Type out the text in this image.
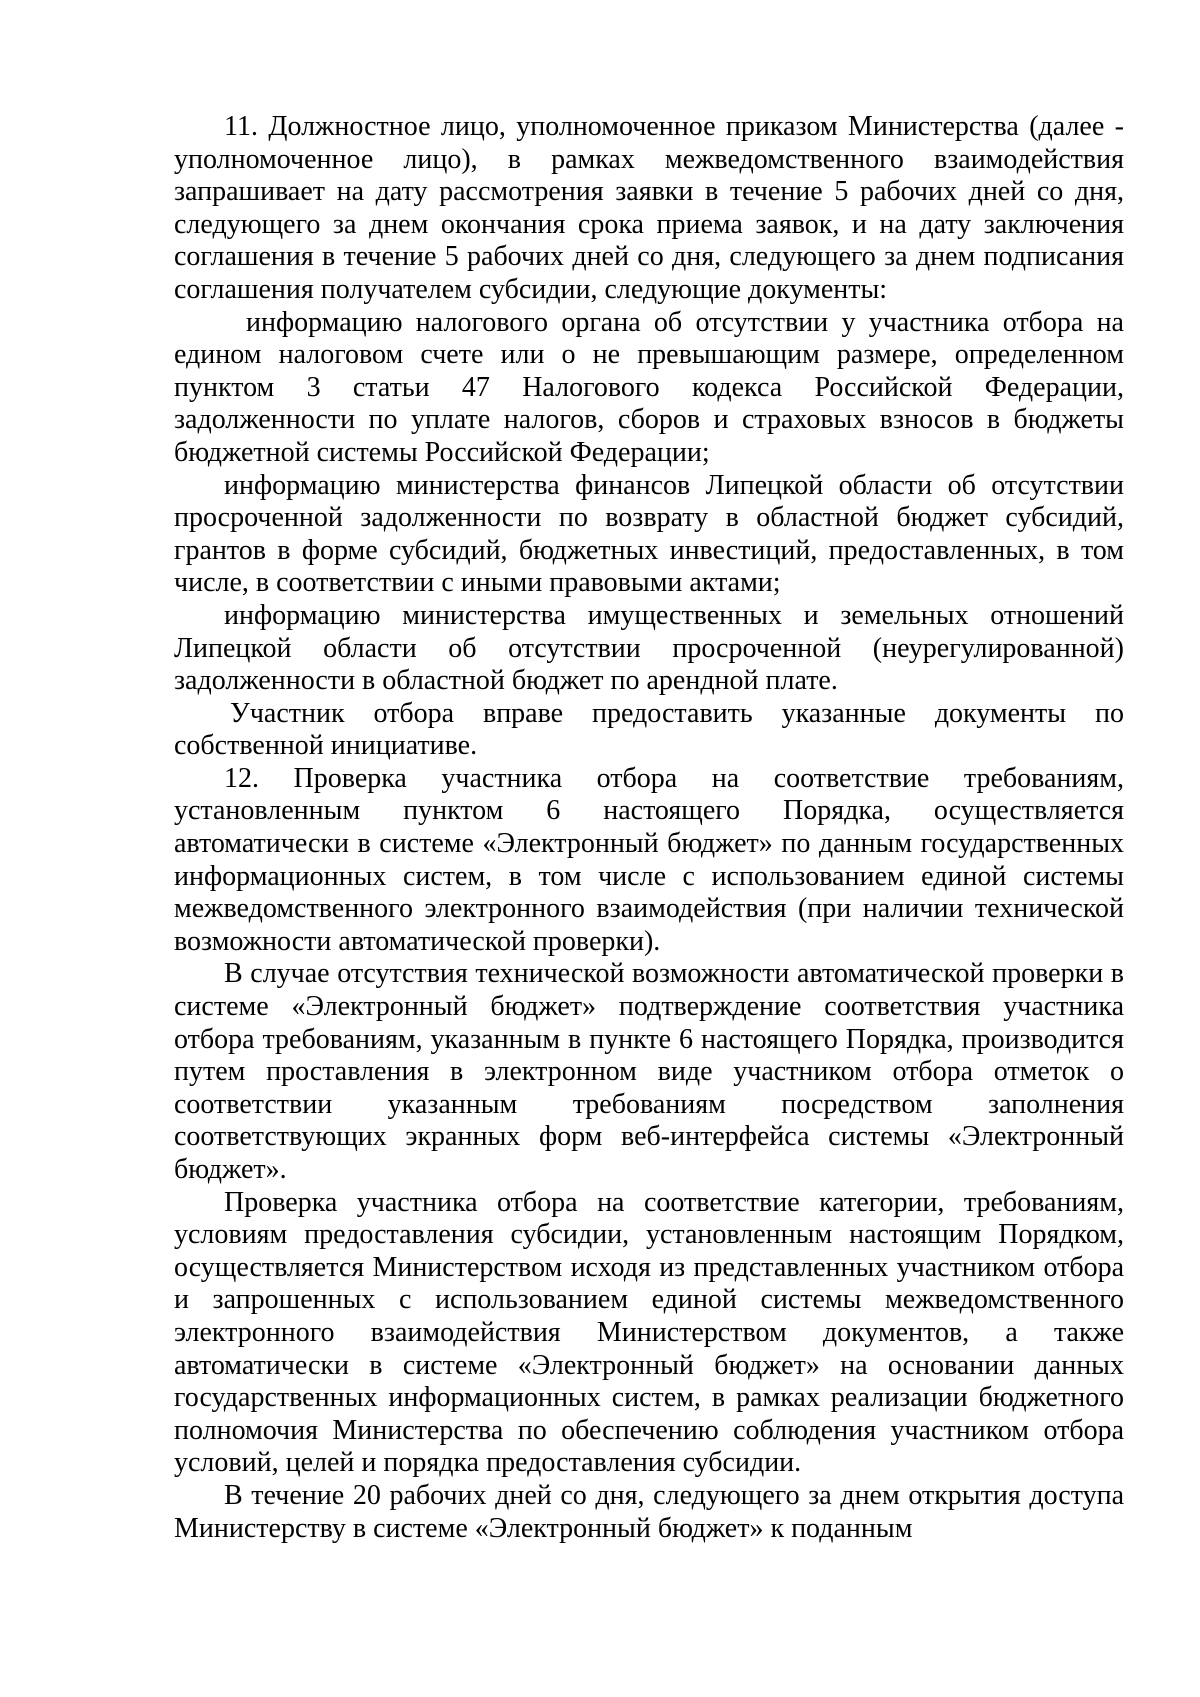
11. Должностное лицо, уполномоченное приказом Министерства (далее - уполномоченное лицо), в рамках межведомственного взаимодействия запрашивает на дату рассмотрения заявки в течение 5 рабочих дней со дня, следующего за днем окончания срока приема заявок, и на дату заключения соглашения в течение 5 рабочих дней со дня, следующего за днем подписания соглашения получателем субсидии, следующие документы:

информацию налогового органа об отсутствии у участника отбора на едином налоговом счете или о не превышающим размере, определенном пунктом 3 статьи 47 Налогового кодекса Российской Федерации, задолженности по уплате налогов, сборов и страховых взносов в бюджеты бюджетной системы Российской Федерации;

информацию министерства финансов Липецкой области об отсутствии просроченной задолженности по возврату в областной бюджет субсидий, грантов в форме субсидий, бюджетных инвестиций, предоставленных, в том числе, в соответствии с иными правовыми актами;

информацию министерства имущественных и земельных отношений Липецкой области об отсутствии просроченной (неурегулированной) задолженности в областной бюджет по арендной плате.

Участник отбора вправе предоставить указанные документы по собственной инициативе.

12. Проверка участника отбора на соответствие требованиям, установленным пунктом 6 настоящего Порядка, осуществляется автоматически в системе «Электронный бюджет» по данным государственных информационных систем, в том числе с использованием единой системы межведомственного электронного взаимодействия (при наличии технической возможности автоматической проверки).

В случае отсутствия технической возможности автоматической проверки в системе «Электронный бюджет» подтверждение соответствия участника отбора требованиям, указанным в пункте 6 настоящего Порядка, производится путем проставления в электронном виде участником отбора отметок о соответствии указанным требованиям посредством заполнения соответствующих экранных форм веб-интерфейса системы «Электронный бюджет».

Проверка участника отбора на соответствие категории, требованиям, условиям предоставления субсидии, установленным настоящим Порядком, осуществляется Министерством исходя из представленных участником отбора и запрошенных с использованием единой системы межведомственного электронного взаимодействия Министерством документов, а также автоматически в системе «Электронный бюджет» на основании данных государственных информационных систем, в рамках реализации бюджетного полномочия Министерства по обеспечению соблюдения участником отбора условий, целей и порядка предоставления субсидии.

В течение 20 рабочих дней со дня, следующего за днем открытия доступа Министерству в системе «Электронный бюджет» к поданным
